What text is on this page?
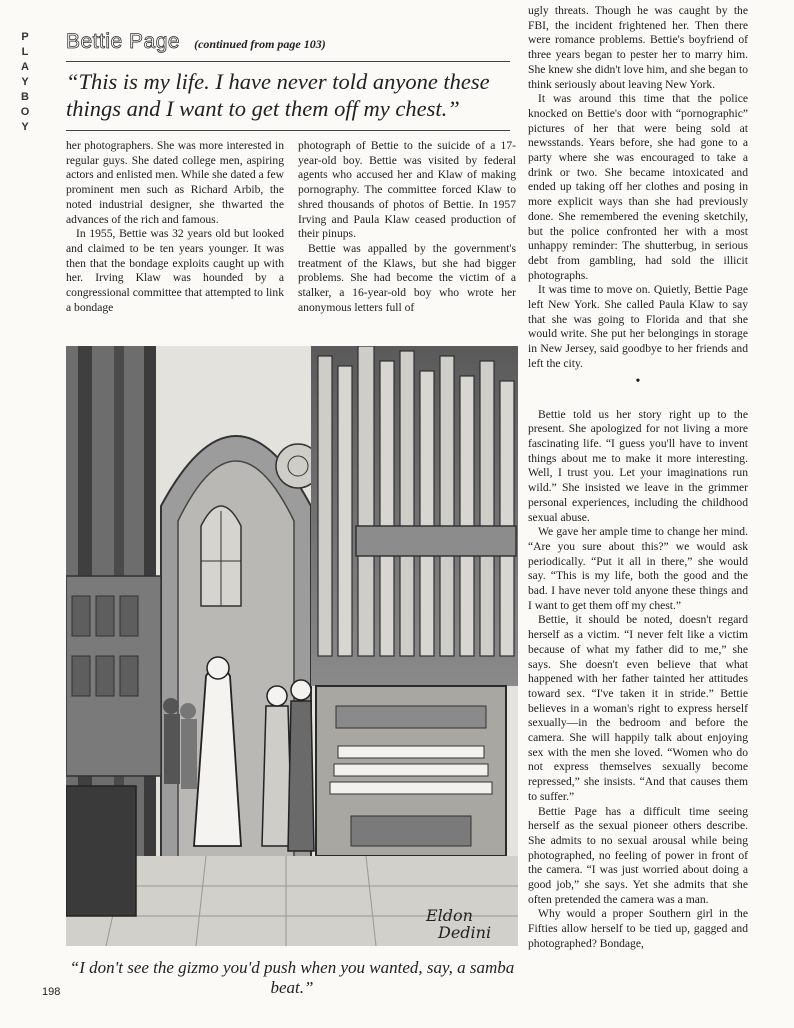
P
L
A
Y
B
O
Y
Bettie Page (continued from page 103)
“This is my life. I have never told anyone these things and I want to get them off my chest.”

her photographers. She was more interested in regular guys. She dated college men, aspiring actors and enlisted men. While she dated a few prominent men such as Richard Arbib, the noted industrial designer, she thwarted the advances of the rich and famous.

In 1955, Bettie was 32 years old but looked and claimed to be ten years younger. It was then that the bondage exploits caught up with her. Irving Klaw was hounded by a congressional committee that attempted to link a bondage

photograph of Bettie to the suicide of a 17-year-old boy. Bettie was visited by federal agents who accused her and Klaw of making pornography. The committee forced Klaw to shred thousands of photos of Bettie. In 1957 Irving and Paula Klaw ceased production of their pinups.

Bettie was appalled by the government's treatment of the Klaws, but she had bigger problems. She had become the victim of a stalker, a 16-year-old boy who wrote her anonymous letters full of

ugly threats. Though he was caught by the FBI, the incident frightened her. Then there were romance problems. Bettie's boyfriend of three years began to pester her to marry him. She knew she didn't love him, and she began to think seriously about leaving New York.

It was around this time that the police knocked on Bettie's door with “pornographic” pictures of her that were being sold at newsstands. Years before, she had gone to a party where she was encouraged to take a drink or two. She became intoxicated and ended up taking off her clothes and posing in more explicit ways than she had previously done. She remembered the evening sketchily, but the police confronted her with a most unhappy reminder: The shutterbug, in serious debt from gambling, had sold the illicit photographs.

It was time to move on. Quietly, Bettie Page left New York. She called Paula Klaw to say that she was going to Florida and that she would write. She put her belongings in storage in New Jersey, said goodbye to her friends and left the city.

•

Bettie told us her story right up to the present. She apologized for not living a more fascinating life. “I guess you'll have to invent things about me to make it more interesting. Well, I trust you. Let your imaginations run wild.” She insisted we leave in the grimmer personal experiences, including the childhood sexual abuse.

We gave her ample time to change her mind. “Are you sure about this?” we would ask periodically. “Put it all in there,” she would say. “This is my life, both the good and the bad. I have never told anyone these things and I want to get them off my chest.”

Bettie, it should be noted, doesn't regard herself as a victim. “I never felt like a victim because of what my father did to me,” she says. She doesn't even believe that what happened with her father tainted her attitudes toward sex. “I've taken it in stride.” Bettie believes in a woman's right to express herself sexually—in the bedroom and before the camera. She will happily talk about enjoying sex with the men she loved. “Women who do not express themselves sexually become repressed,” she insists. “And that causes them to suffer.”

Bettie Page has a difficult time seeing herself as the sexual pioneer others describe. She admits to no sexual arousal while being photographed, no feeling of power in front of the camera. “I was just worried about doing a good job,” she says. Yet she admits that she often pretended the camera was a man.

Why would a proper Southern girl in the Fifties allow herself to be tied up, gagged and photographed? Bondage,

Eldon
Dedini
“I don't see the gizmo you'd push when you wanted, say, a samba beat.”
198
